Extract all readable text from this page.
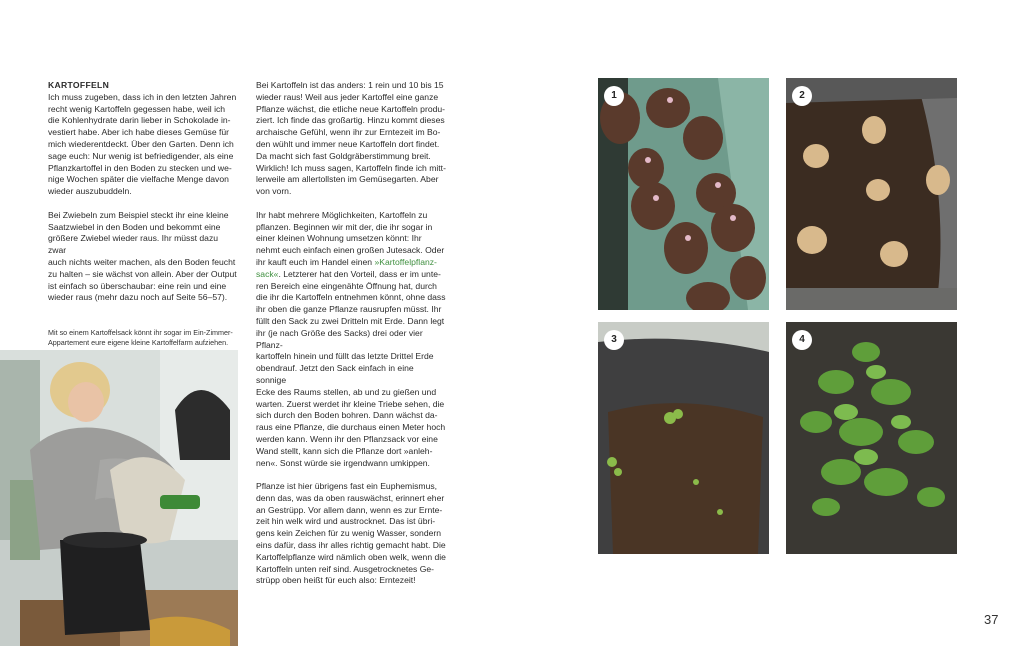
KARTOFFELN

Ich muss zugeben, dass ich in den letzten Jahren
recht wenig Kartoffeln gegessen habe, weil ich
die Kohlenhydrate darin lieber in Schokolade in-
vestiert habe. Aber ich habe dieses Gemüse für
mich wiederentdeckt. Über den Garten. Denn ich
sage euch: Nur wenig ist befriedigender, als eine
Pflanzkartoffel in den Boden zu stecken und we-
nige Wochen später die vielfache Menge davon
wieder auszubuddeln.

Bei Zwiebeln zum Beispiel steckt ihr eine kleine
Saatzwiebel in den Boden und bekommt eine
größere Zwiebel wieder raus. Ihr müsst dazu zwar
auch nichts weiter machen, als den Boden feucht
zu halten – sie wächst von allein. Aber der Output
ist einfach so überschaubar: eine rein und eine
wieder raus (mehr dazu noch auf Seite 56–57).

Mit so einem Kartoffelsack könnt ihr sogar im Ein-Zimmer-
Appartement eure eigene kleine Kartoffelfarm aufziehen.

Bei Kartoffeln ist das anders: 1 rein und 10 bis 15
wieder raus! Weil aus jeder Kartoffel eine ganze
Pflanze wächst, die etliche neue Kartoffeln produ-
ziert. Ich finde das großartig. Hinzu kommt dieses
archaische Gefühl, wenn ihr zur Erntezeit im Bo-
den wühlt und immer neue Kartoffeln dort findet.
Da macht sich fast Goldgräberstimmung breit.
Wirklich! Ich muss sagen, Kartoffeln finde ich mitt-
lerweile am allertollsten im Gemüsegarten. Aber
von vorn.

Ihr habt mehrere Möglichkeiten, Kartoffeln zu
pflanzen. Beginnen wir mit der, die ihr sogar in
einer kleinen Wohnung umsetzen könnt: Ihr
nehmt euch einfach einen großen Jutesack. Oder
ihr kauft euch im Handel einen »Kartoffelpflanz-
sack«. Letzterer hat den Vorteil, dass er im unte-
ren Bereich eine eingenähte Öffnung hat, durch
die ihr die Kartoffeln entnehmen könnt, ohne dass
ihr oben die ganze Pflanze rausrupfen müsst. Ihr
füllt den Sack zu zwei Dritteln mit Erde. Dann legt
ihr (je nach Größe des Sacks) drei oder vier Pflanz-
kartoffeln hinein und füllt das letzte Drittel Erde
obendrauf. Jetzt den Sack einfach in eine sonnige
Ecke des Raums stellen, ab und zu gießen und
warten. Zuerst werdet ihr kleine Triebe sehen, die
sich durch den Boden bohren. Dann wächst da-
raus eine Pflanze, die durchaus einen Meter hoch
werden kann. Wenn ihr den Pflanzsack vor eine
Wand stellt, kann sich die Pflanze dort »anleh-
nen«. Sonst würde sie irgendwann umkippen.

Pflanze ist hier übrigens fast ein Euphemismus,
denn das, was da oben rauswächst, erinnert eher
an Gestrüpp. Vor allem dann, wenn es zur Ernte-
zeit hin welk wird und austrocknet. Das ist übri-
gens kein Zeichen für zu wenig Wasser, sondern
eins dafür, dass ihr alles richtig gemacht habt. Die
Kartoffelpflanze wird nämlich oben welk, wenn die
Kartoffeln unten reif sind. Ausgetrocknetes Ge-
strüpp oben heißt für euch also: Erntezeit!

1	2
3	4
37
